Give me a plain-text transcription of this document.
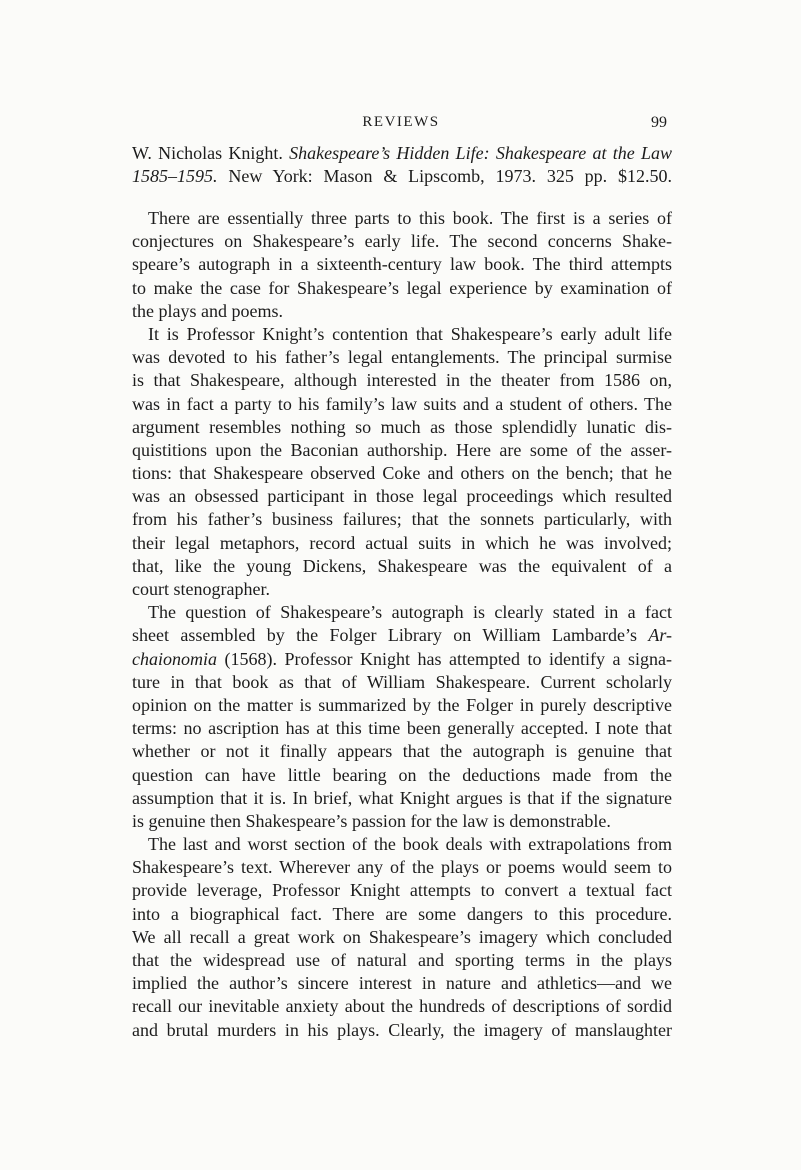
REVIEWS	99
W. Nicholas Knight. Shakespeare’s Hidden Life: Shakespeare at the Law
1585–1595. New York: Mason & Lipscomb, 1973. 325 pp. $12.50.
There are essentially three parts to this book. The first is a series of
conjectures on Shakespeare’s early life. The second concerns Shake-
speare’s autograph in a sixteenth-century law book. The third attempts
to make the case for Shakespeare’s legal experience by examination of
the plays and poems.
It is Professor Knight’s contention that Shakespeare’s early adult life
was devoted to his father’s legal entanglements. The principal surmise
is that Shakespeare, although interested in the theater from 1586 on,
was in fact a party to his family’s law suits and a student of others. The
argument resembles nothing so much as those splendidly lunatic dis-
quistitions upon the Baconian authorship. Here are some of the asser-
tions: that Shakespeare observed Coke and others on the bench; that he
was an obsessed participant in those legal proceedings which resulted
from his father’s business failures; that the sonnets particularly, with
their legal metaphors, record actual suits in which he was involved;
that, like the young Dickens, Shakespeare was the equivalent of a
court stenographer.
The question of Shakespeare’s autograph is clearly stated in a fact
sheet assembled by the Folger Library on William Lambarde’s Ar-
chaionomia (1568). Professor Knight has attempted to identify a signa-
ture in that book as that of William Shakespeare. Current scholarly
opinion on the matter is summarized by the Folger in purely descriptive
terms: no ascription has at this time been generally accepted. I note that
whether or not it finally appears that the autograph is genuine that
question can have little bearing on the deductions made from the
assumption that it is. In brief, what Knight argues is that if the signature
is genuine then Shakespeare’s passion for the law is demonstrable.
The last and worst section of the book deals with extrapolations from
Shakespeare’s text. Wherever any of the plays or poems would seem to
provide leverage, Professor Knight attempts to convert a textual fact
into a biographical fact. There are some dangers to this procedure.
We all recall a great work on Shakespeare’s imagery which concluded
that the widespread use of natural and sporting terms in the plays
implied the author’s sincere interest in nature and athletics—and we
recall our inevitable anxiety about the hundreds of descriptions of sordid
and brutal murders in his plays. Clearly, the imagery of manslaughter
